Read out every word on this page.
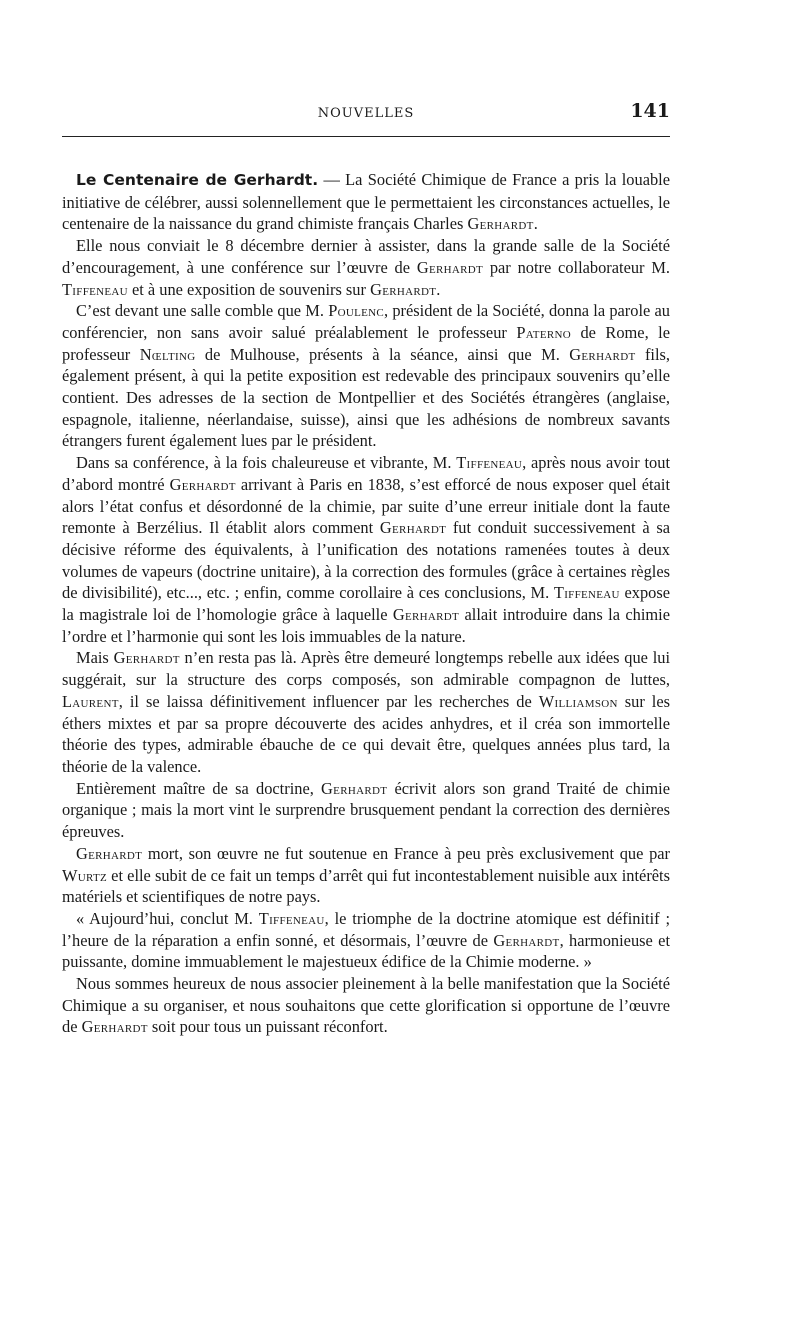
NOUVELLES	141

Le Centenaire de Gerhardt. — La Société Chimique de France a pris la louable initiative de célébrer, aussi solennellement que le permettaient les circonstances actuelles, le centenaire de la naissance du grand chimiste français Charles Gerhardt.

Elle nous conviait le 8 décembre dernier à assister, dans la grande salle de la Société d’encouragement, à une conférence sur l’œuvre de Gerhardt par notre collaborateur M. Tiffeneau et à une exposition de souvenirs sur Gerhardt.

C’est devant une salle comble que M. Poulenc, président de la Société, donna la parole au conférencier, non sans avoir salué préalablement le professeur Paterno de Rome, le professeur Nœlting de Mulhouse, présents à la séance, ainsi que M. Gerhardt fils, également présent, à qui la petite exposition est redevable des principaux souvenirs qu’elle contient. Des adresses de la section de Montpellier et des Sociétés étrangères (anglaise, espagnole, italienne, néerlandaise, suisse), ainsi que les adhésions de nombreux savants étrangers furent également lues par le président.

Dans sa conférence, à la fois chaleureuse et vibrante, M. Tiffeneau, après nous avoir tout d’abord montré Gerhardt arrivant à Paris en 1838, s’est efforcé de nous exposer quel était alors l’état confus et désordonné de la chimie, par suite d’une erreur initiale dont la faute remonte à Berzélius. Il établit alors comment Gerhardt fut conduit successivement à sa décisive réforme des équivalents, à l’unification des notations ramenées toutes à deux volumes de vapeurs (doctrine unitaire), à la correction des formules (grâce à certaines règles de divisibilité), etc..., etc. ; enfin, comme corollaire à ces conclusions, M. Tiffeneau expose la magistrale loi de l’homologie grâce à laquelle Gerhardt allait introduire dans la chimie l’ordre et l’harmonie qui sont les lois immuables de la nature.

Mais Gerhardt n’en resta pas là. Après être demeuré longtemps rebelle aux idées que lui suggérait, sur la structure des corps composés, son admirable compagnon de luttes, Laurent, il se laissa définitivement influencer par les recherches de Williamson sur les éthers mixtes et par sa propre découverte des acides anhydres, et il créa son immortelle théorie des types, admirable ébauche de ce qui devait être, quelques années plus tard, la théorie de la valence.

Entièrement maître de sa doctrine, Gerhardt écrivit alors son grand Traité de chimie organique ; mais la mort vint le surprendre brusquement pendant la correction des dernières épreuves.

Gerhardt mort, son œuvre ne fut soutenue en France à peu près exclusivement que par Wurtz et elle subit de ce fait un temps d’arrêt qui fut incontestablement nuisible aux intérêts matériels et scientifiques de notre pays.

« Aujourd’hui, conclut M. Tiffeneau, le triomphe de la doctrine atomique est définitif ; l’heure de la réparation a enfin sonné, et désormais, l’œuvre de Gerhardt, harmonieuse et puissante, domine immuablement le majestueux édifice de la Chimie moderne. »

Nous sommes heureux de nous associer pleinement à la belle manifestation que la Société Chimique a su organiser, et nous souhaitons que cette glorification si opportune de l’œuvre de Gerhardt soit pour tous un puissant réconfort.
